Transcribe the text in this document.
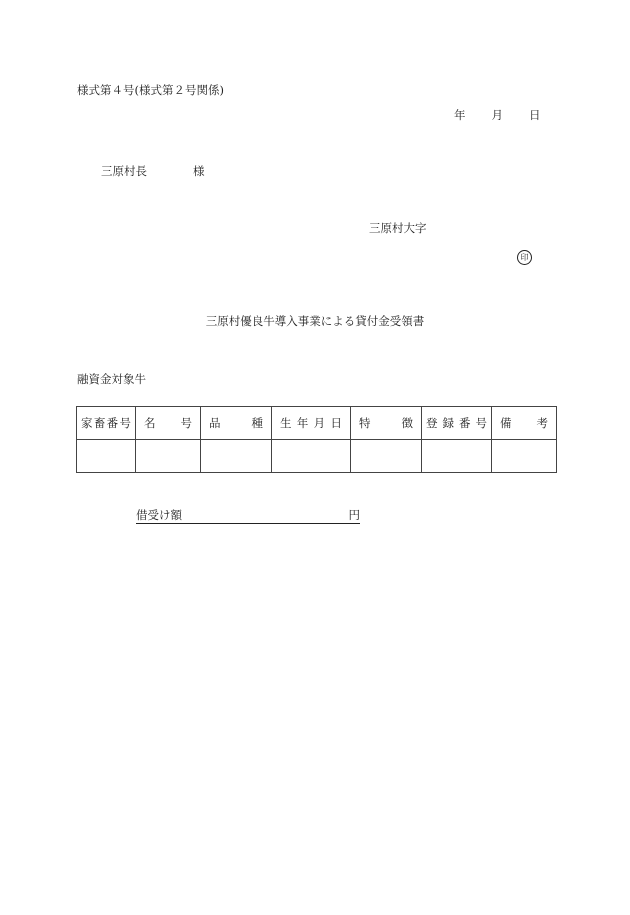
様式第４号(様式第２号関係)
年 月 日
三原村長	様
三原村大字
印
三原村優良牛導入事業による貸付金受領書
融資金対象牛
家 畜 番 号	名 号	品 種	生 年 月 日	特 徴	登 録 番 号	備 考

借受け額	円
